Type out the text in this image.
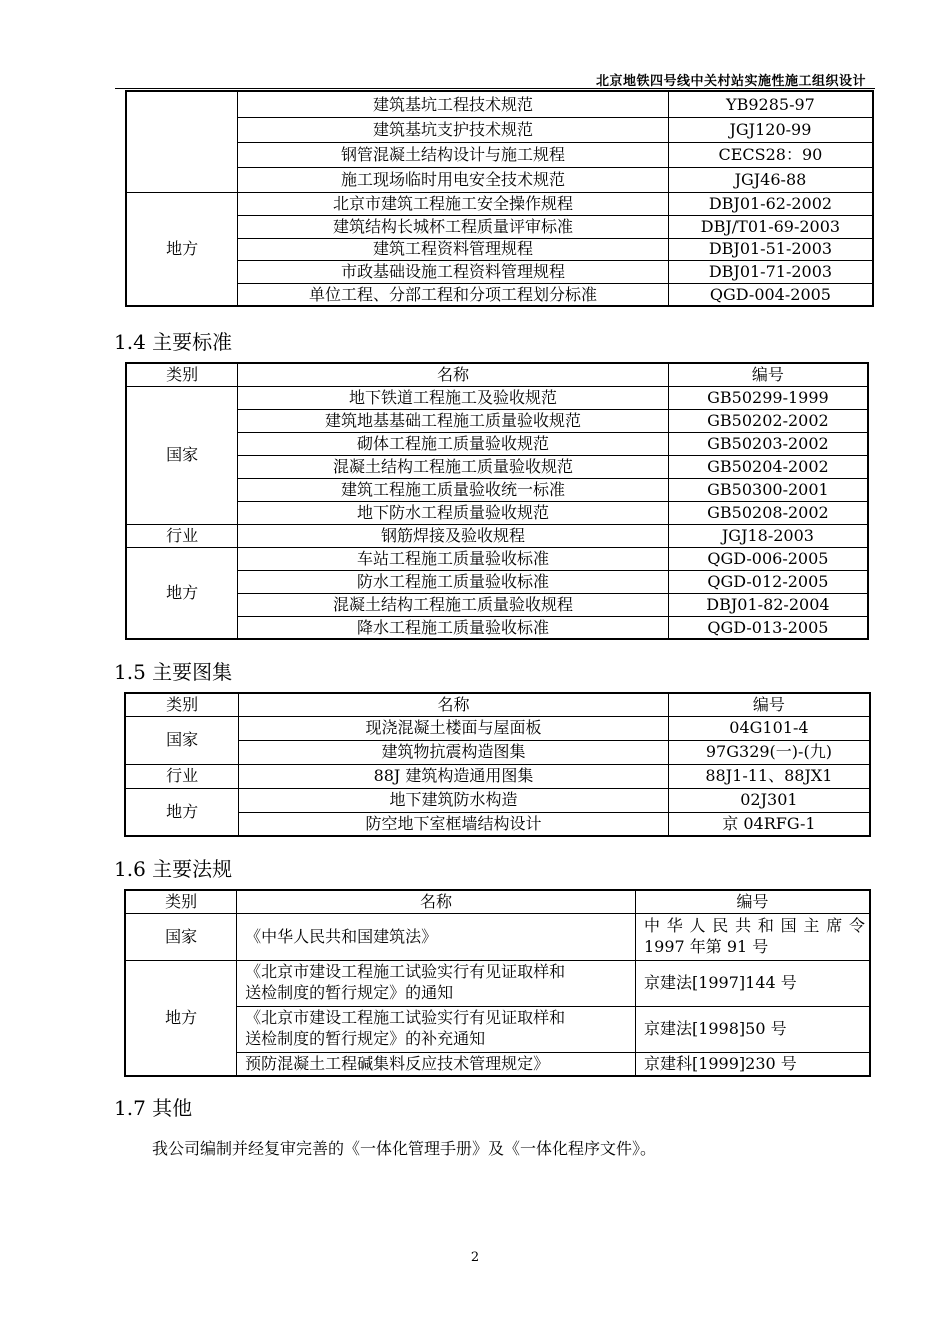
北京地铁四号线中关村站实施性施工组织设计
	建筑基坑工程技术规范	YB9285-97
	建筑基坑支护技术规范	JGJ120-99
	钢管混凝土结构设计与施工规程	CECS28：90
	施工现场临时用电安全技术规范	JGJ46-88
地方	北京市建筑工程施工安全操作规程	DBJ01-62-2002
	建筑结构长城杯工程质量评审标准	DBJ/T01-69-2003
	建筑工程资料管理规程	DBJ01-51-2003
	市政基础设施工程资料管理规程	DBJ01-71-2003
	单位工程、分部工程和分项工程划分标准	QGD-004-2005
1.4 主要标准
类别	名称	编号
国家	地下铁道工程施工及验收规范	GB50299-1999
	建筑地基基础工程施工质量验收规范	GB50202-2002
	砌体工程施工质量验收规范	GB50203-2002
	混凝土结构工程施工质量验收规范	GB50204-2002
	建筑工程施工质量验收统一标准	GB50300-2001
	地下防水工程质量验收规范	GB50208-2002
行业	钢筋焊接及验收规程	JGJ18-2003
地方	车站工程施工质量验收标准	QGD-006-2005
	防水工程施工质量验收标准	QGD-012-2005
	混凝土结构工程施工质量验收规程	DBJ01-82-2004
	降水工程施工质量验收标准	QGD-013-2005
1.5 主要图集
类别	名称	编号
国家	现浇混凝土楼面与屋面板	04G101-4
	建筑物抗震构造图集	97G329(一)-(九)
行业	88J 建筑构造通用图集	88J1-11、88JX1
地方	地下建筑防水构造	02J301
	防空地下室框墙结构设计	京 04RFG-1
1.6 主要法规
类别	名称	编号
国家	《中华人民共和国建筑法》	中华人民共和国主席令
1997 年第 91 号

地方	《北京市建设工程施工试验实行有见证取样和
送检制度的暂行规定》的通知	京建法[1997]144 号

	《北京市建设工程施工试验实行有见证取样和
送检制度的暂行规定》的补充通知	京建法[1998]50 号
	预防混凝土工程碱集料反应技术管理规定》	京建科[1999]230 号
1.7 其他
我公司编制并经复审完善的《一体化管理手册》及《一体化程序文件》。
2
